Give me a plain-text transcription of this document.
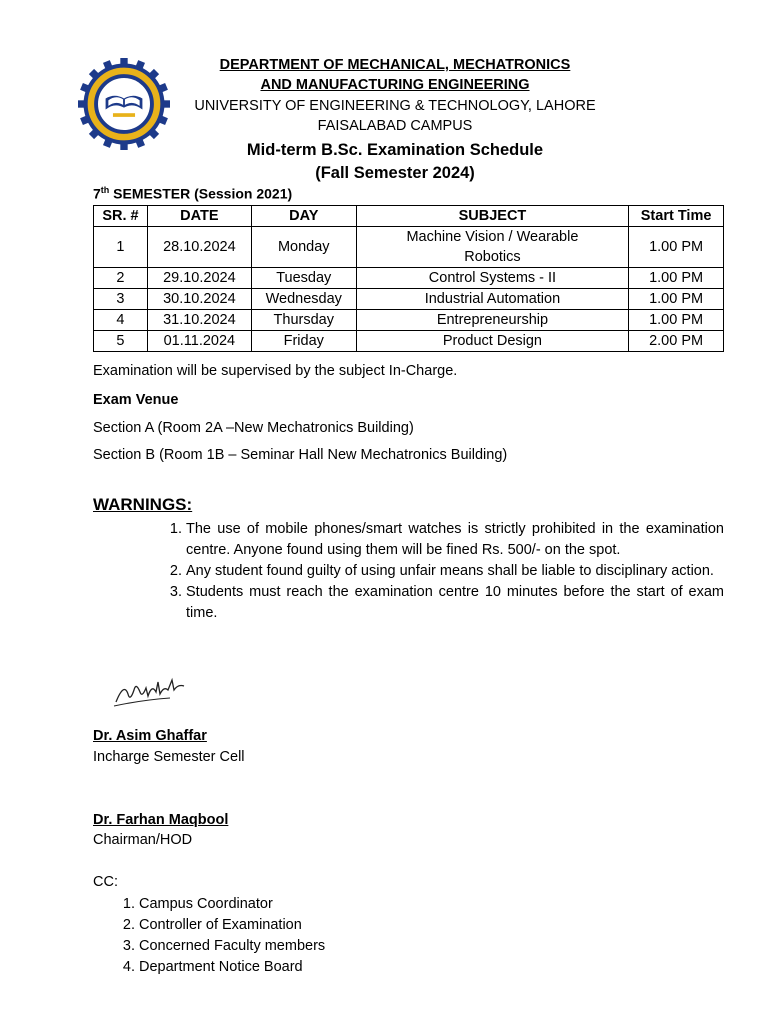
DEPARTMENT OF MECHANICAL, MECHATRONICS
AND MANUFACTURING ENGINEERING
UNIVERSITY OF ENGINEERING & TECHNOLOGY, LAHORE
FAISALABAD CAMPUS
Mid-term B.Sc. Examination Schedule
(Fall Semester 2024)
7th SEMESTER (Session 2021)
SR. #	DATE	DAY	SUBJECT	Start Time
1	28.10.2024	Monday	Machine Vision / Wearable Robotics	1.00 PM
2	29.10.2024	Tuesday	Control Systems - II	1.00 PM
3	30.10.2024	Wednesday	Industrial Automation	1.00 PM
4	31.10.2024	Thursday	Entrepreneurship	1.00 PM
5	01.11.2024	Friday	Product Design	2.00 PM
Examination will be supervised by the subject In-Charge.
Exam Venue
Section A (Room 2A –New Mechatronics Building)
Section B (Room 1B – Seminar Hall New Mechatronics Building)
WARNINGS:
1. The use of mobile phones/smart watches is strictly prohibited in the examination centre. Anyone found using them will be fined Rs. 500/- on the spot.
2. Any student found guilty of using unfair means shall be liable to disciplinary action.
3. Students must reach the examination centre 10 minutes before the start of exam time.
Dr. Asim Ghaffar
Incharge Semester Cell
Dr. Farhan Maqbool
Chairman/HOD
CC:
1. Campus Coordinator
2. Controller of Examination
3. Concerned Faculty members
4. Department Notice Board
